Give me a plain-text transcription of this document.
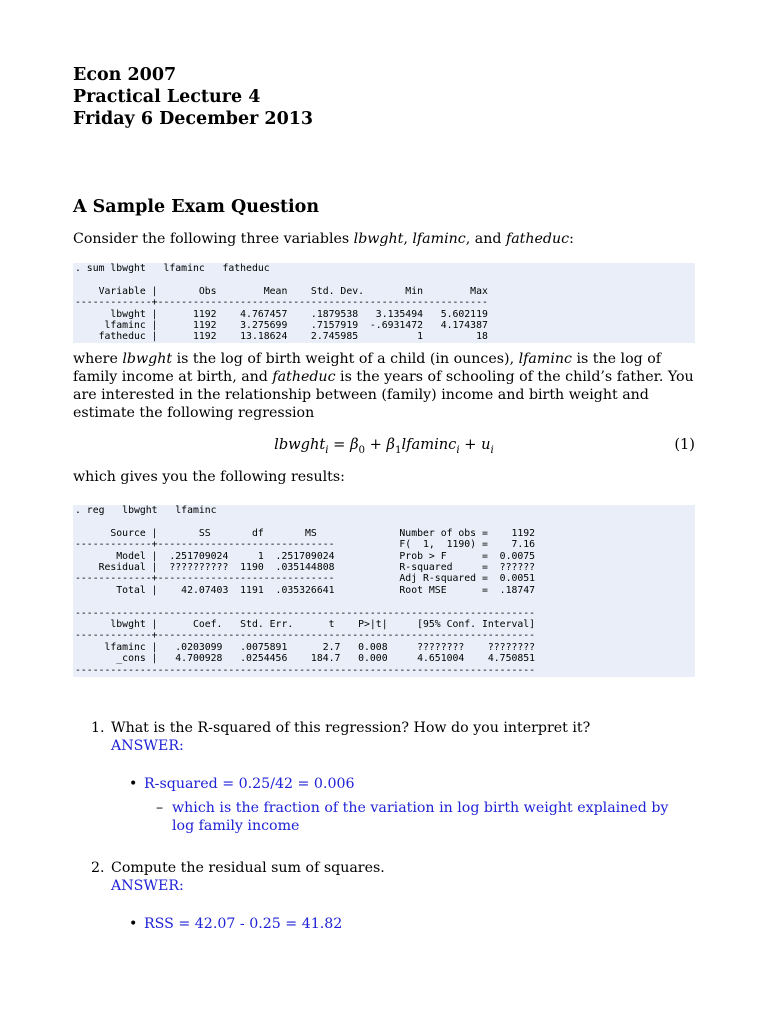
Econ 2007

Practical Lecture 4

Friday 6 December 2013

A Sample Exam Question

Consider the following three variables lbwght, lfaminc, and fatheduc:

. sum lbwght   lfaminc   fatheduc

Variable |       Obs        Mean    Std. Dev.       Min        Max
-------------+--------------------------------------------------------
lbwght |      1192    4.767457    .1879538   3.135494   5.602119
lfaminc |      1192    3.275699    .7157919  -.6931472   4.174387
fatheduc |      1192    13.18624    2.745985          1         18

where lbwght is the log of birth weight of a child (in ounces), lfaminc is the log of family income at birth, and fatheduc is the years of schooling of the child’s father. You are interested in the relationship between (family) income and birth weight and estimate the following regression

lbwght$_i$ = $\beta_0 + \beta_1lfaminc_i + u_i$	(1)

which gives you the following results:

. reg   lbwght   lfaminc

Source |       SS       df       MS              Number of obs =    1192
-------------+------------------------------           F(  1,  1190) =    7.16
Model |  .251709024     1  .251709024           Prob > F      =  0.0075
Residual |  ??????????  1190  .035144808           R-squared     =  ??????
-------------+------------------------------           Adj R-squared =  0.0051
Total |    42.07403  1191  .035326641           Root MSE      =  .18747

------------------------------------------------------------------------------
lbwght |      Coef.   Std. Err.      t    P>|t|     [95% Conf. Interval]
-------------+----------------------------------------------------------------
lfaminc |   .0203099   .0075891      2.7   0.008     ????????    ????????
_cons |   4.700928   .0254456    184.7   0.000     4.651004    4.750851
------------------------------------------------------------------------------
1. What is the R-squared of this regression? How do you interpret it?
ANSWER:
• R-squared = 0.25/42 = 0.006
– which is the fraction of the variation in log birth weight explained by log family income
2. Compute the residual sum of squares.
ANSWER:
• RSS = 42.07 - 0.25 = 41.82
